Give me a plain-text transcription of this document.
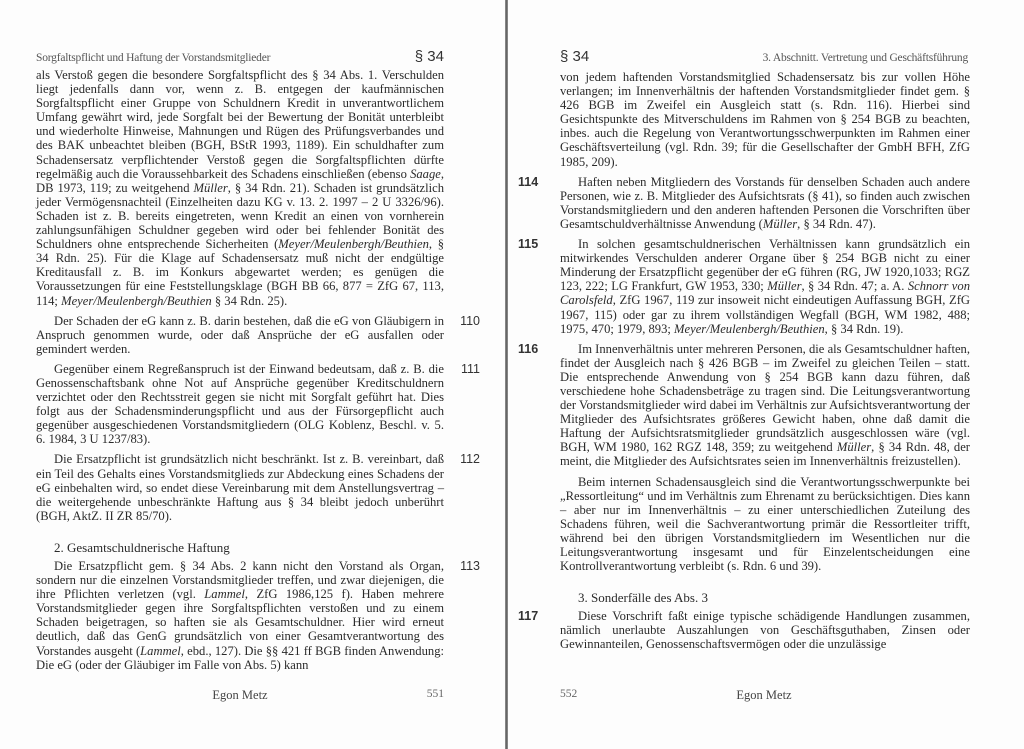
Sorgfaltspflicht und Haftung der Vorstandsmitglieder	§ 34

als Verstoß gegen die besondere Sorgfaltspflicht des § 34 Abs. 1. Verschulden liegt jedenfalls dann vor, wenn z. B. entgegen der kaufmännischen Sorgfaltspflicht einer Gruppe von Schuldnern Kredit in unverantwortlichem Umfang gewährt wird, jede Sorgfalt bei der Bewertung der Bonität unterbleibt und wiederholte Hinweise, Mahnungen und Rügen des Prüfungsverbandes und des BAK unbeachtet bleiben (BGH, BStR 1993, 1189). Ein schuldhafter zum Schadensersatz verpflichtender Verstoß gegen die Sorgfaltspflichten dürfte regelmäßig auch die Voraussehbarkeit des Schadens einschließen (ebenso Saage, DB 1973, 119; zu weitgehend Müller, § 34 Rdn. 21). Schaden ist grundsätzlich jeder Vermögensnachteil (Einzelheiten dazu KG v. 13. 2. 1997 – 2 U 3326/96). Schaden ist z. B. bereits eingetreten, wenn Kredit an einen von vornherein zahlungsunfähigen Schuldner gegeben wird oder bei fehlender Bonität des Schuldners ohne entsprechende Sicherheiten (Meyer/Meulenbergh/Beuthien, § 34 Rdn. 25). Für die Klage auf Schadensersatz muß nicht der endgültige Kreditausfall z. B. im Konkurs abgewartet werden; es genügen die Voraussetzungen für eine Feststellungsklage (BGH BB 66, 877 = ZfG 67, 113, 114; Meyer/Meulenbergh/Beuthien § 34 Rdn. 25).

110
Der Schaden der eG kann z. B. darin bestehen, daß die eG von Gläubigern in Anspruch genommen wurde, oder daß Ansprüche der eG ausfallen oder gemindert werden.

111
Gegenüber einem Regreßanspruch ist der Einwand bedeutsam, daß z. B. die Genossenschaftsbank ohne Not auf Ansprüche gegenüber Kreditschuldnern verzichtet oder den Rechtsstreit gegen sie nicht mit Sorgfalt geführt hat. Dies folgt aus der Schadensminderungspflicht und aus der Fürsorgepflicht auch gegenüber ausgeschiedenen Vorstandsmitgliedern (OLG Koblenz, Beschl. v. 5. 6. 1984, 3 U 1237/83).

112
Die Ersatzpflicht ist grundsätzlich nicht beschränkt. Ist z. B. vereinbart, daß ein Teil des Gehalts eines Vorstandsmitglieds zur Abdeckung eines Schadens der eG einbehalten wird, so endet diese Vereinbarung mit dem Anstellungsvertrag – die weitergehende unbeschränkte Haftung aus § 34 bleibt jedoch unberührt (BGH, AktZ. II ZR 85/70).

2. Gesamtschuldnerische Haftung

113
Die Ersatzpflicht gem. § 34 Abs. 2 kann nicht den Vorstand als Organ, sondern nur die einzelnen Vorstandsmitglieder treffen, und zwar diejenigen, die ihre Pflichten verletzen (vgl. Lammel, ZfG 1986,125 f). Haben mehrere Vorstandsmitglieder gegen ihre Sorgfaltspflichten verstoßen und zu einem Schaden beigetragen, so haften sie als Gesamtschuldner. Hier wird erneut deutlich, daß das GenG grundsätzlich von einer Gesamtverantwortung des Vorstandes ausgeht (Lammel, ebd., 127). Die §§ 421 ff BGB finden Anwendung: Die eG (oder der Gläubiger im Falle von Abs. 5) kann

Egon Metz	551
§ 34	3. Abschnitt. Vertretung und Geschäftsführung

von jedem haftenden Vorstandsmitglied Schadensersatz bis zur vollen Höhe verlangen; im Innenverhältnis der haftenden Vorstandsmitglieder findet gem. § 426 BGB im Zweifel ein Ausgleich statt (s. Rdn. 116). Hierbei sind Gesichtspunkte des Mitverschuldens im Rahmen von § 254 BGB zu beachten, inbes. auch die Regelung von Verantwortungsschwerpunkten im Rahmen einer Geschäftsverteilung (vgl. Rdn. 39; für die Gesellschafter der GmbH BFH, ZfG 1985, 209).

114	Haften neben Mitgliedern des Vorstands für denselben Schaden auch andere Personen, wie z. B. Mitglieder des Aufsichtsrats (§ 41), so finden auch zwischen Vorstandsmitgliedern und den anderen haftenden Personen die Vorschriften über Gesamtschuldverhältnisse Anwendung (Müller, § 34 Rdn. 47).

115	In solchen gesamtschuldnerischen Verhältnissen kann grundsätzlich ein mitwirkendes Verschulden anderer Organe über § 254 BGB nicht zu einer Minderung der Ersatzpflicht gegenüber der eG führen (RG, JW 1920,1033; RGZ 123, 222; LG Frankfurt, GW 1953, 330; Müller, § 34 Rdn. 47; a. A. Schnorr von Carolsfeld, ZfG 1967, 119 zur insoweit nicht eindeutigen Auffassung BGH, ZfG 1967, 115) oder gar zu ihrem vollständigen Wegfall (BGH, WM 1982, 488; 1975, 470; 1979, 893; Meyer/Meulenbergh/Beuthien, § 34 Rdn. 19).

116	Im Innenverhältnis unter mehreren Personen, die als Gesamtschuldner haften, findet der Ausgleich nach § 426 BGB – im Zweifel zu gleichen Teilen – statt. Die entsprechende Anwendung von § 254 BGB kann dazu führen, daß verschiedene hohe Schadensbeträge zu tragen sind. Die Leitungsverantwortung der Vorstandsmitglieder wird dabei im Verhältnis zur Aufsichtsverantwortung der Mitglieder des Aufsichtsrates größeres Gewicht haben, ohne daß damit die Haftung der Aufsichtsratsmitglieder grundsätzlich ausgeschlossen wäre (vgl. BGH, WM 1980, 162 RGZ 148, 359; zu weitgehend Müller, § 34 Rdn. 48, der meint, die Mitglieder des Aufsichtsrates seien im Innenverhältnis freizustellen).

Beim internen Schadensausgleich sind die Verantwortungsschwerpunkte bei „Ressortleitung“ und im Verhältnis zum Ehrenamt zu berücksichtigen. Dies kann – aber nur im Innenverhältnis – zu einer unterschiedlichen Zuteilung des Schadens führen, weil die Sachverantwortung primär die Ressortleiter trifft, während bei den übrigen Vorstandsmitgliedern im Wesentlichen nur die Leitungsverantwortung insgesamt und für Einzelentscheidungen eine Kontrollverantwortung verbleibt (s. Rdn. 6 und 39).

3. Sonderfälle des Abs. 3

117	Diese Vorschrift faßt einige typische schädigende Handlungen zusammen, nämlich unerlaubte Auszahlungen von Geschäftsguthaben, Zinsen oder Gewinnanteilen, Genossenschaftsvermögen oder die unzulässige

552	Egon Metz
